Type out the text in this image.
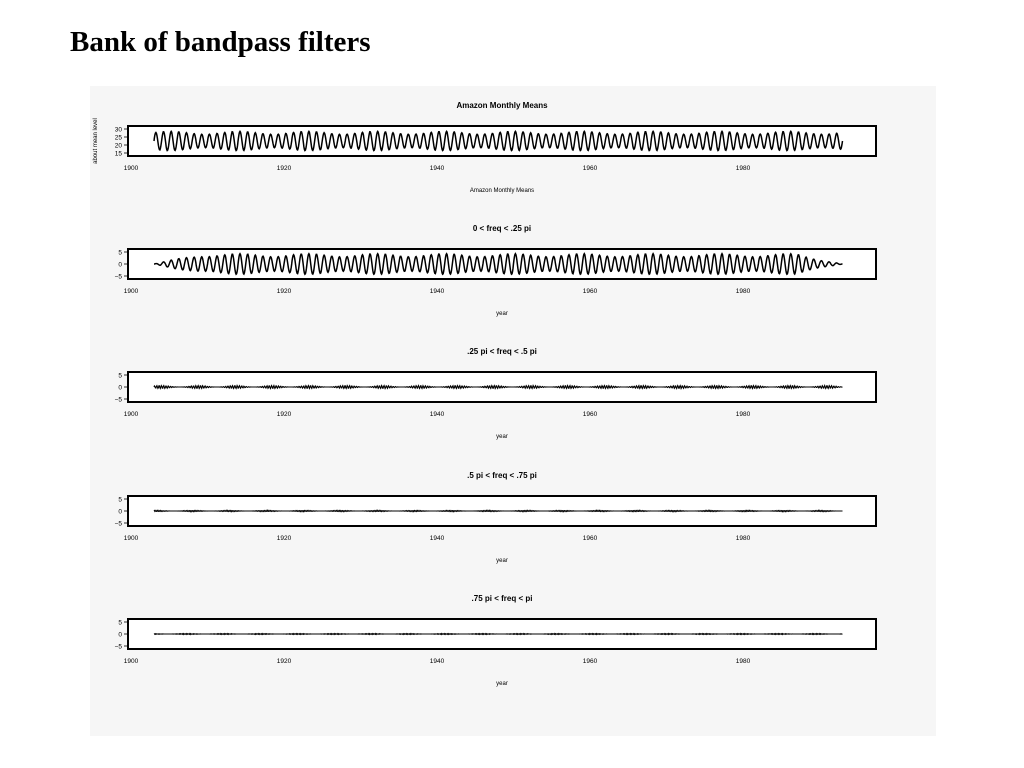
Bank of bandpass filters
Amazon Monthly Means
30
25
20
15
1900	1920	1940	1960	1980
Amazon Monthly Means
about mean level
0 < freq < .25 pi
5
0
−5
1900	1920	1940	1960	1980
year
.25 pi < freq < .5 pi
5
0
−5
1900	1920	1940	1960	1980
year
.5 pi < freq < .75 pi
5
0
−5
1900	1920	1940	1960	1980
year
.75 pi < freq < pi
5
0
−5
1900	1920	1940	1960	1980
year
